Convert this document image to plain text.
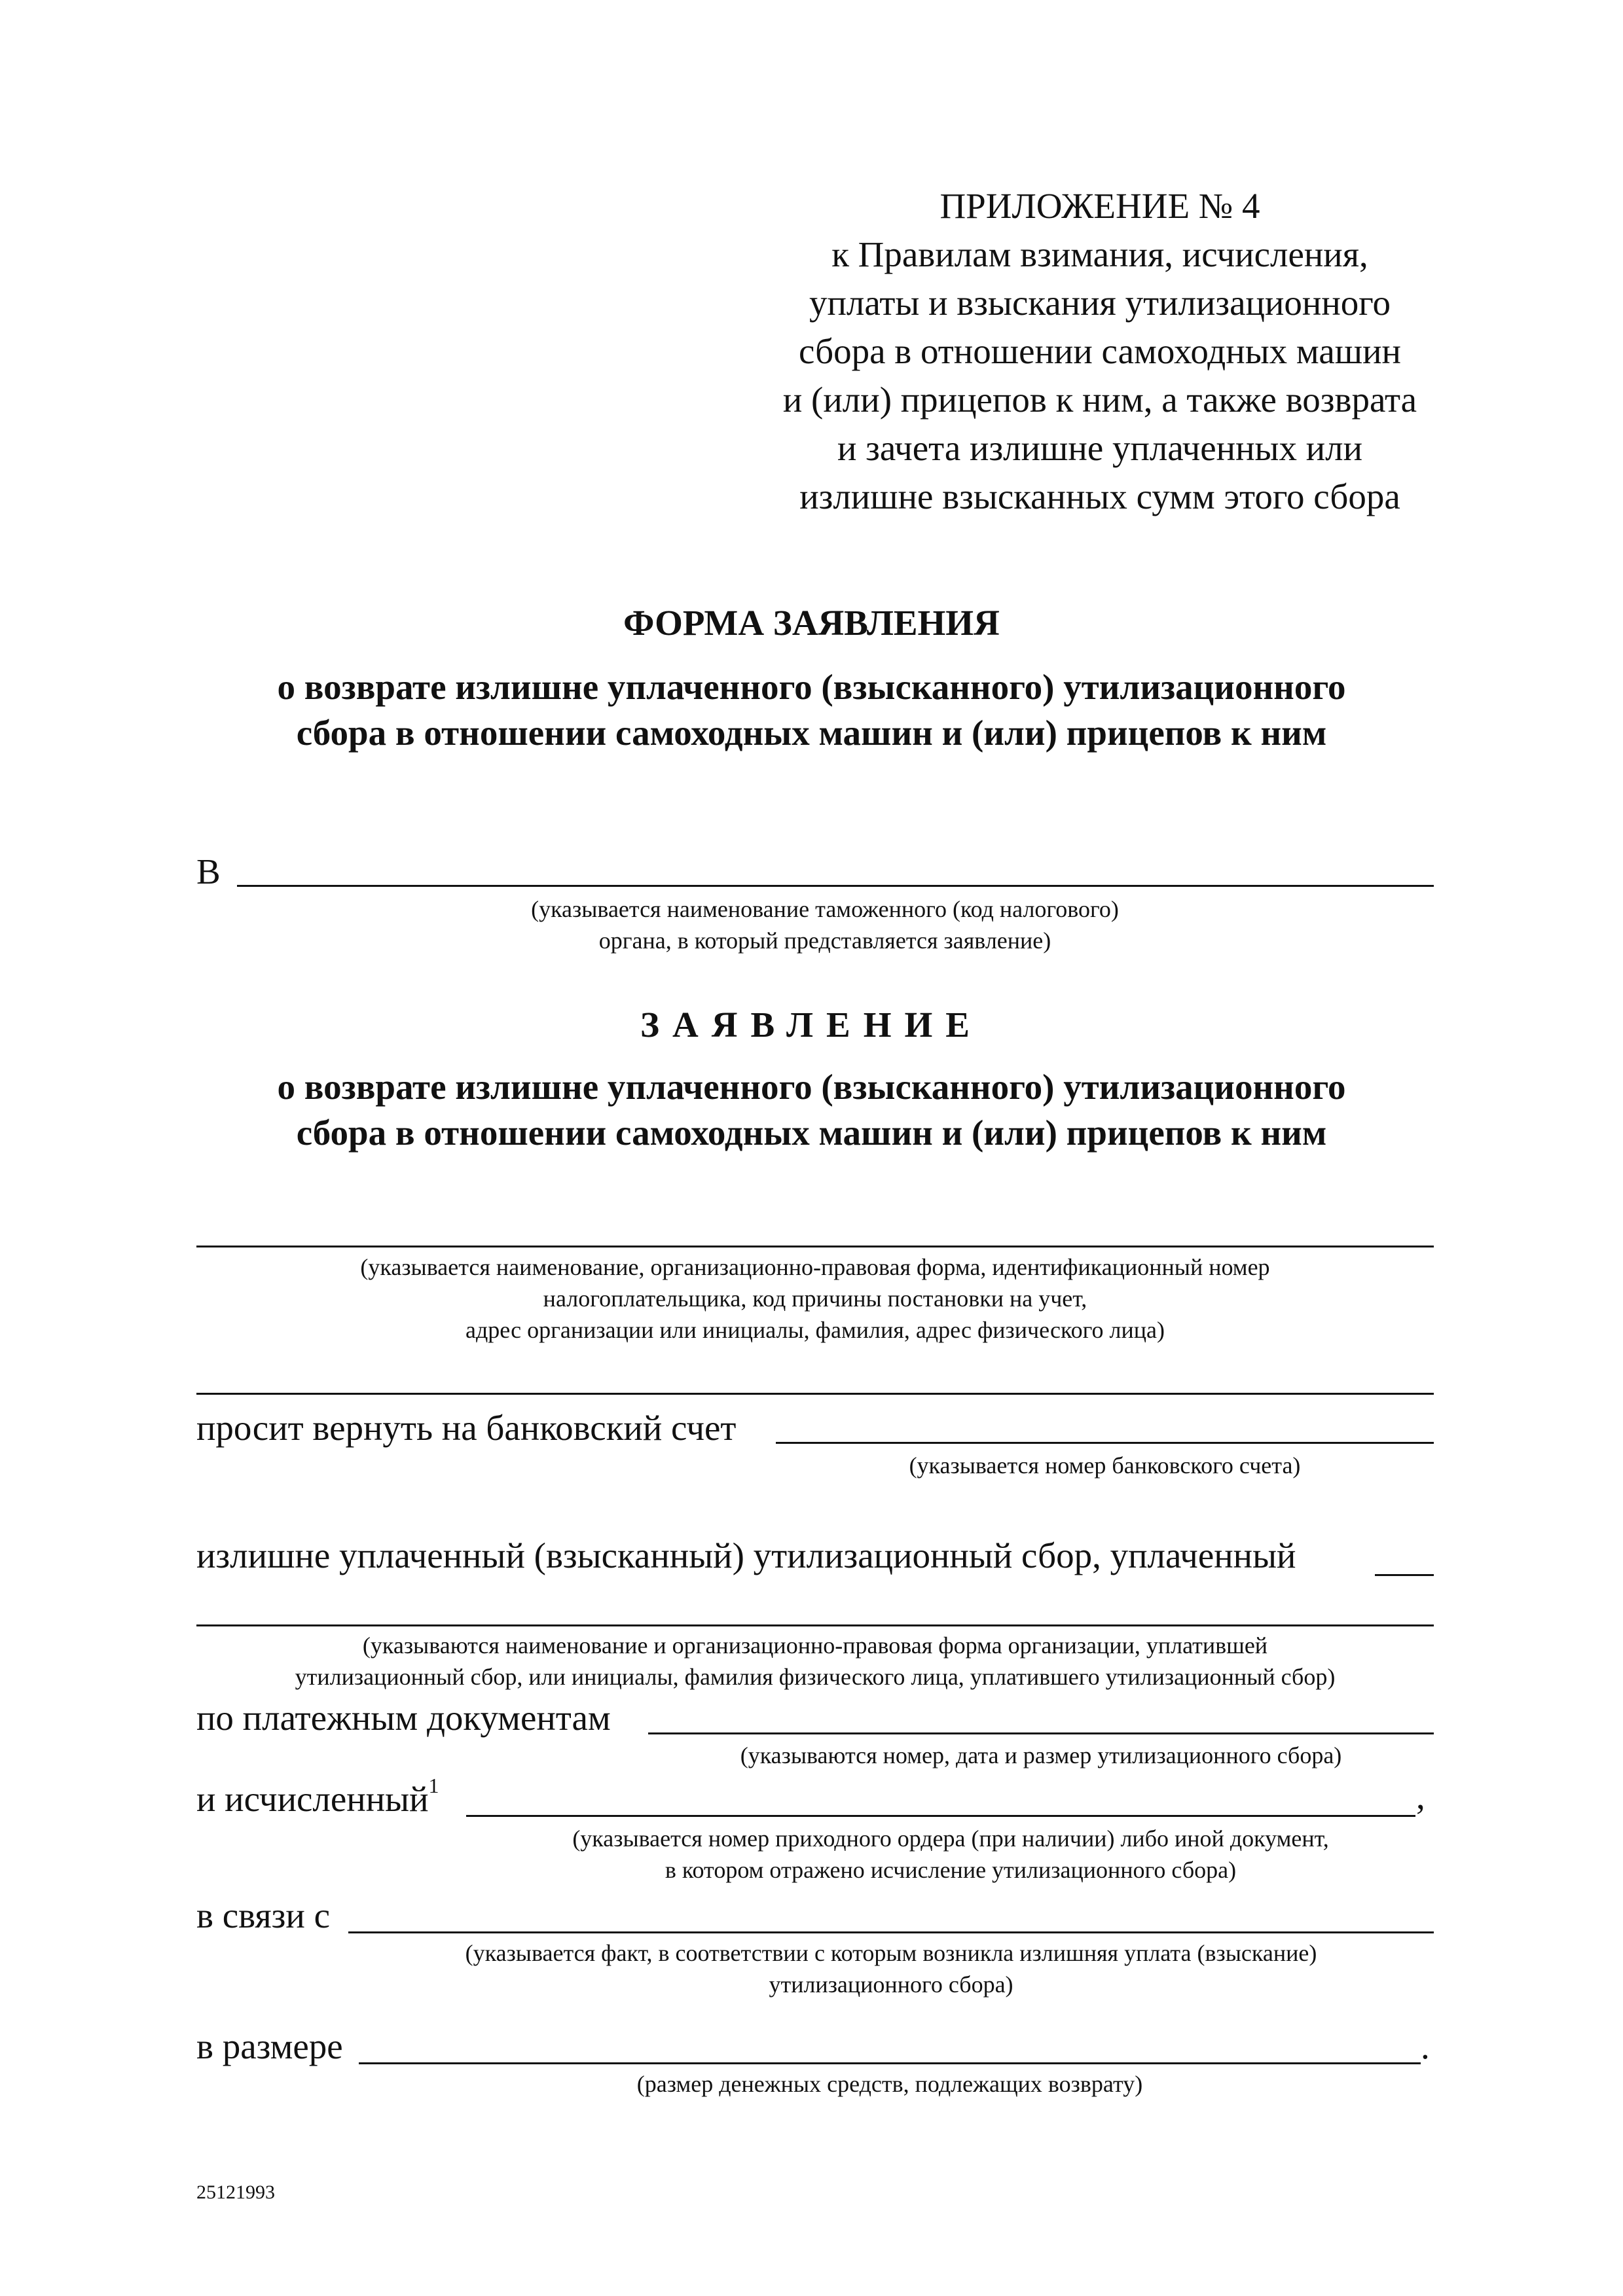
ПРИЛОЖЕНИЕ № 4
к Правилам взимания, исчисления,
уплаты и взыскания утилизационного
сбора в отношении самоходных машин
и (или) прицепов к ним, а также возврата
и зачета излишне уплаченных или
излишне взысканных сумм этого сбора
ФОРМА ЗАЯВЛЕНИЯ
о возврате излишне уплаченного (взысканного) утилизационного
сбора в отношении самоходных машин и (или) прицепов к ним
В
(указывается наименование таможенного (код налогового)
органа, в который представляется заявление)
ЗАЯВЛЕНИЕ
о возврате излишне уплаченного (взысканного) утилизационного
сбора в отношении самоходных машин и (или) прицепов к ним
(указывается наименование, организационно-правовая форма, идентификационный номер
налогоплательщика, код причины постановки на учет,
адрес организации или инициалы, фамилия, адрес физического лица)
просит вернуть на банковский счет
(указывается номер банковского счета)
излишне уплаченный (взысканный) утилизационный сбор, уплаченный
(указываются наименование и организационно-правовая форма организации, уплатившей
утилизационный сбор, или инициалы, фамилия физического лица, уплатившего утилизационный сбор)
по платежным документам
(указываются номер, дата и размер утилизационного сбора)
и исчисленный$^1$	,
(указывается номер приходного ордера (при наличии) либо иной документ,
в котором отражено исчисление утилизационного сбора)
в связи с
(указывается факт, в соответствии с которым возникла излишняя уплата (взыскание)
утилизационного сбора)
в размере	.
(размер денежных средств, подлежащих возврату)
25121993
